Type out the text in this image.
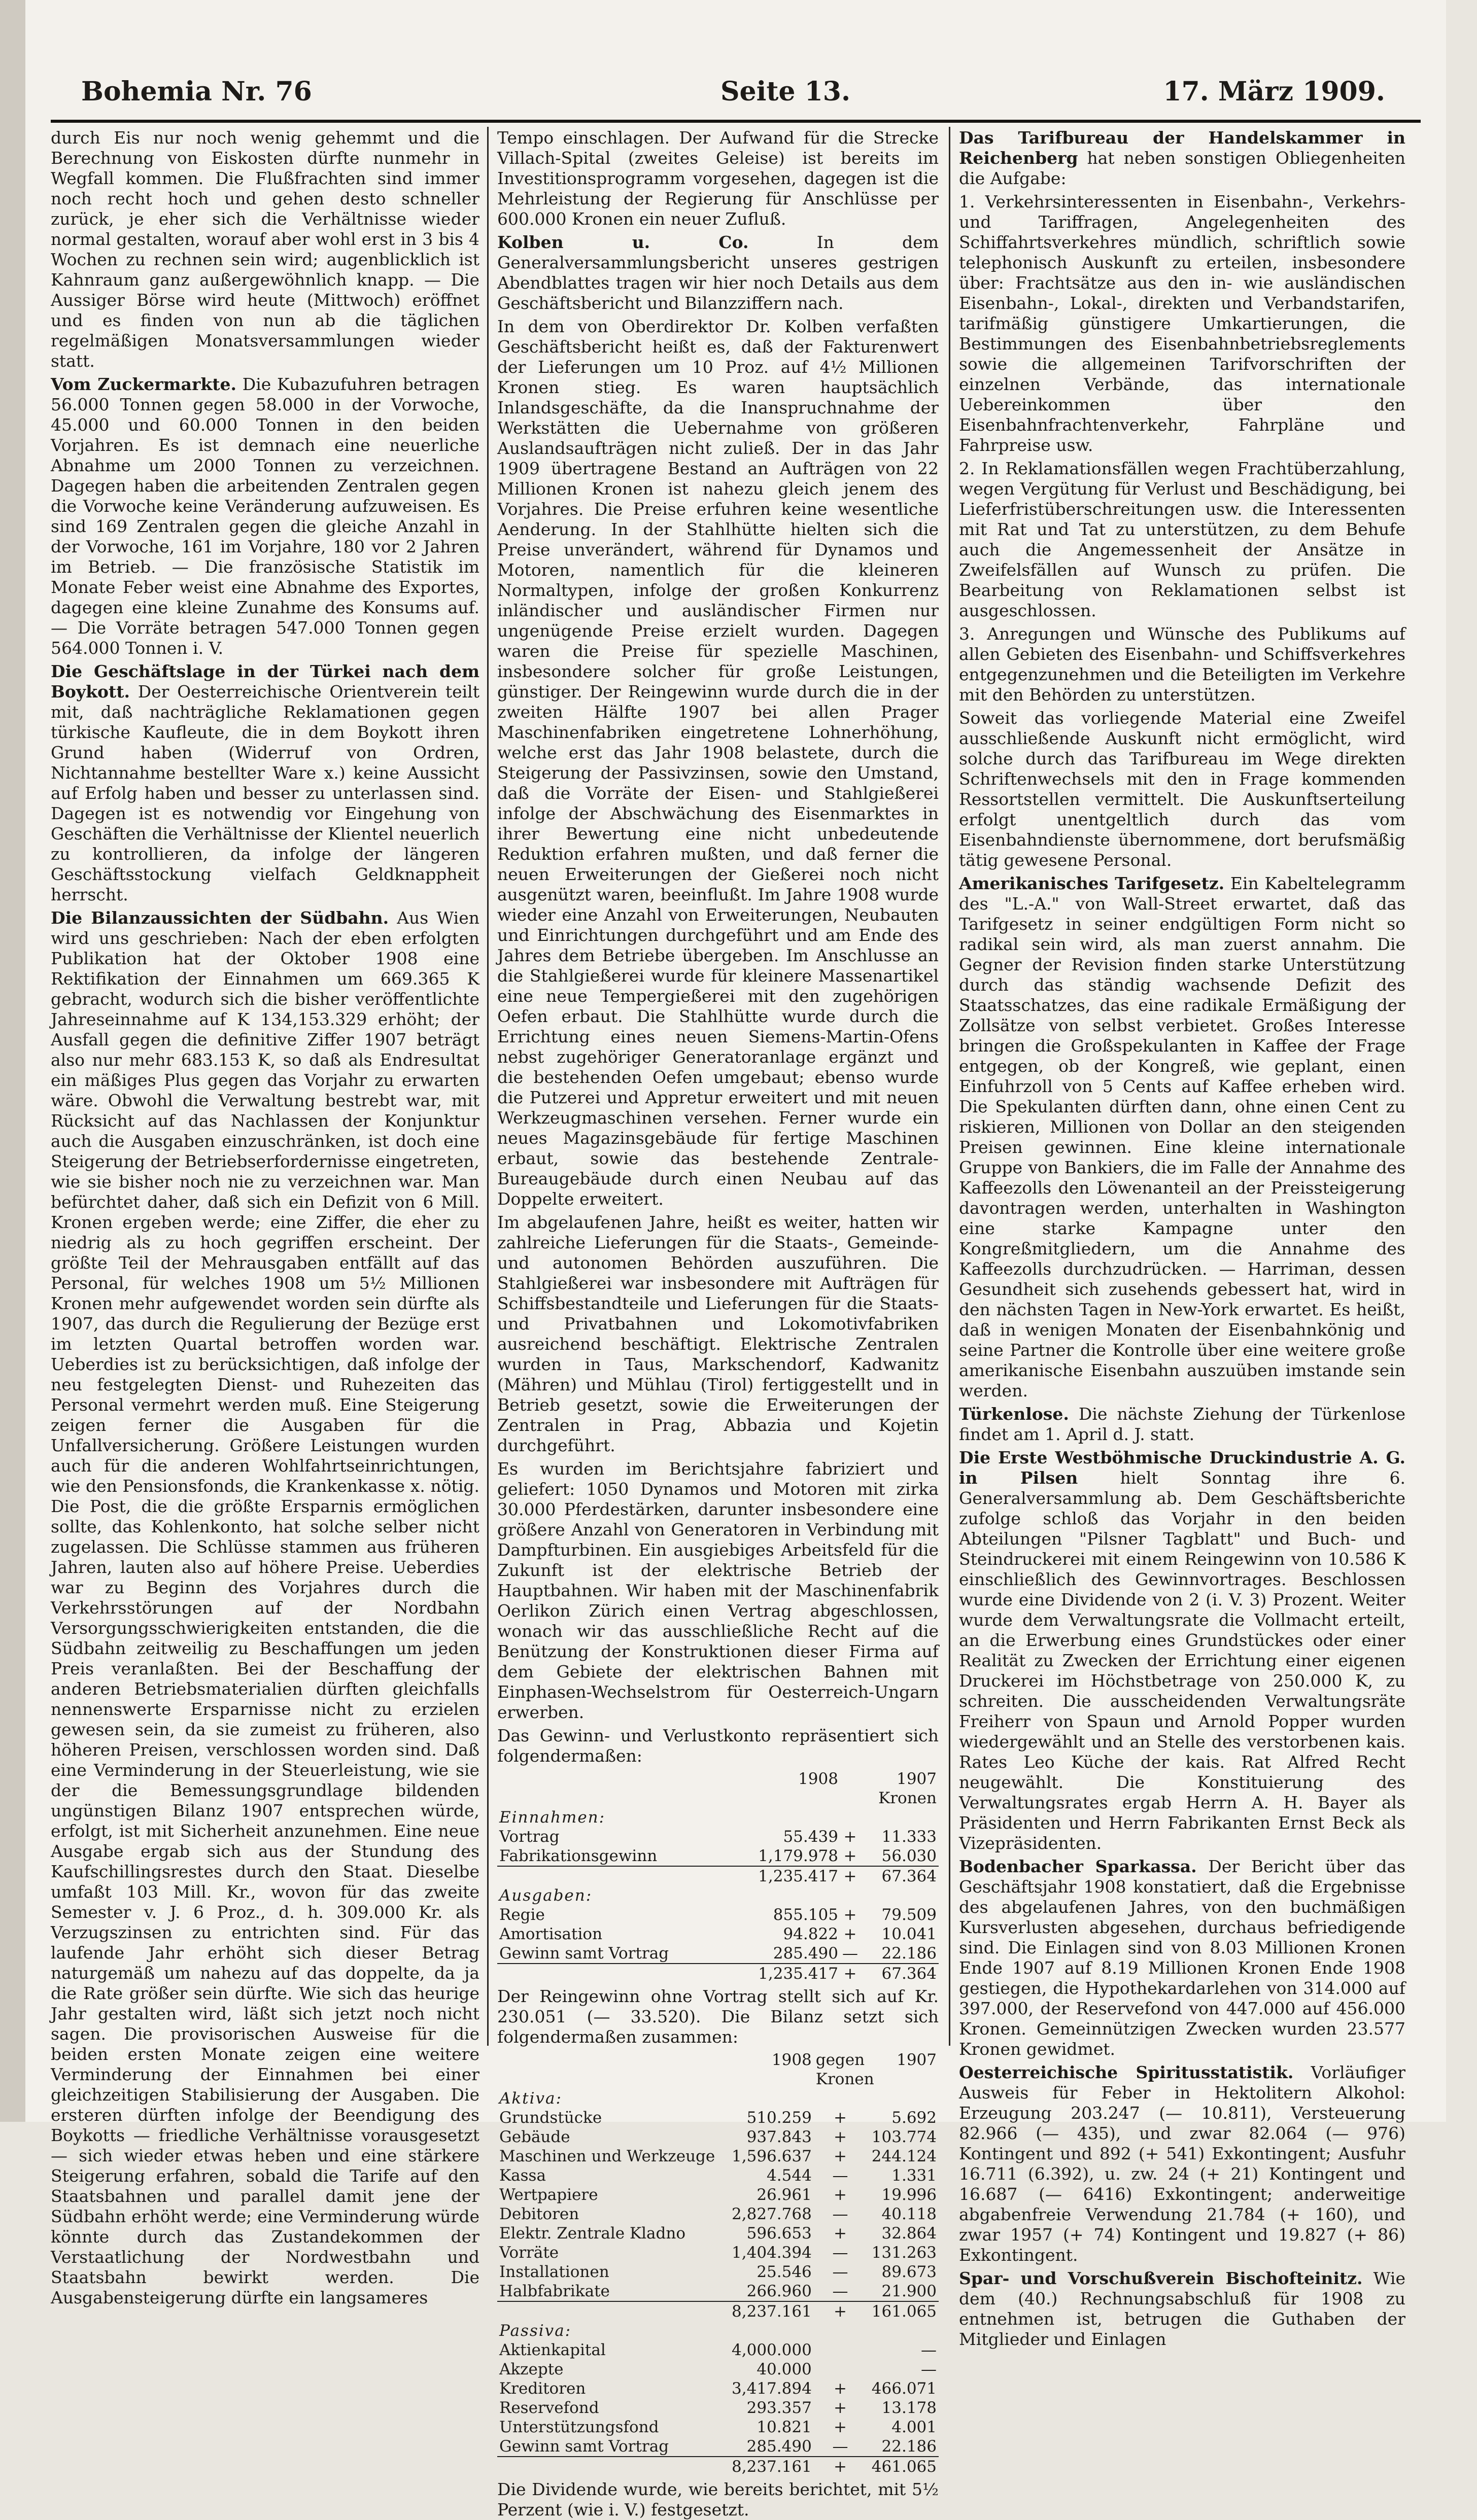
Bohemia Nr. 76	Seite 13.	17. März 1909.

durch Eis nur noch wenig gehemmt und die Berechnung von Eiskosten dürfte nunmehr in Wegfall kommen. Die Flußfrachten sind immer noch recht hoch und gehen desto schneller zurück, je eher sich die Verhältnisse wieder normal gestalten, worauf aber wohl erst in 3 bis 4 Wochen zu rechnen sein wird; augenblicklich ist Kahnraum ganz außergewöhnlich knapp. — Die Aussiger Börse wird heute (Mittwoch) eröffnet und es finden von nun ab die täglichen regelmäßigen Monatsversammlungen wieder statt.

Vom Zuckermarkte. Die Kubazufuhren betragen 56.000 Tonnen gegen 58.000 in der Vorwoche, 45.000 und 60.000 Tonnen in den beiden Vorjahren. Es ist demnach eine neuerliche Abnahme um 2000 Tonnen zu verzeichnen. Dagegen haben die arbeitenden Zentralen gegen die Vorwoche keine Veränderung aufzuweisen. Es sind 169 Zentralen gegen die gleiche Anzahl in der Vorwoche, 161 im Vorjahre, 180 vor 2 Jahren im Betrieb. — Die französische Statistik im Monate Feber weist eine Abnahme des Exportes, dagegen eine kleine Zunahme des Konsums auf. — Die Vorräte betragen 547.000 Tonnen gegen 564.000 Tonnen i. V.

Die Geschäftslage in der Türkei nach dem Boykott. Der Oesterreichische Orientverein teilt mit, daß nachträgliche Reklamationen gegen türkische Kaufleute, die in dem Boykott ihren Grund haben (Widerruf von Ordren, Nichtannahme bestellter Ware x.) keine Aussicht auf Erfolg haben und besser zu unterlassen sind. Dagegen ist es notwendig vor Eingehung von Geschäften die Verhältnisse der Klientel neuerlich zu kontrollieren, da infolge der längeren Geschäftsstockung vielfach Geldknappheit herrscht.

Die Bilanzaussichten der Südbahn. Aus Wien wird uns geschrieben: Nach der eben erfolgten Publikation hat der Oktober 1908 eine Rektifikation der Einnahmen um 669.365 K gebracht, wodurch sich die bisher veröffentlichte Jahreseinnahme auf K 134,153.329 erhöht; der Ausfall gegen die definitive Ziffer 1907 beträgt also nur mehr 683.153 K, so daß als Endresultat ein mäßiges Plus gegen das Vorjahr zu erwarten wäre. Obwohl die Verwaltung bestrebt war, mit Rücksicht auf das Nachlassen der Konjunktur auch die Ausgaben einzuschränken, ist doch eine Steigerung der Betriebserfordernisse eingetreten, wie sie bisher noch nie zu verzeichnen war. Man befürchtet daher, daß sich ein Defizit von 6 Mill. Kronen ergeben werde; eine Ziffer, die eher zu niedrig als zu hoch gegriffen erscheint. Der größte Teil der Mehrausgaben entfällt auf das Personal, für welches 1908 um 5½ Millionen Kronen mehr aufgewendet worden sein dürfte als 1907, das durch die Regulierung der Bezüge erst im letzten Quartal betroffen worden war. Ueberdies ist zu berücksichtigen, daß infolge der neu festgelegten Dienst- und Ruhezeiten das Personal vermehrt werden muß. Eine Steigerung zeigen ferner die Ausgaben für die Unfallversicherung. Größere Leistungen wurden auch für die anderen Wohlfahrtseinrichtungen, wie den Pensionsfonds, die Krankenkasse x. nötig. Die Post, die die größte Ersparnis ermöglichen sollte, das Kohlenkonto, hat solche selber nicht zugelassen. Die Schlüsse stammen aus früheren Jahren, lauten also auf höhere Preise. Ueberdies war zu Beginn des Vorjahres durch die Verkehrsstörungen auf der Nordbahn Versorgungsschwierigkeiten entstanden, die die Südbahn zeitweilig zu Beschaffungen um jeden Preis veranlaßten. Bei der Beschaffung der anderen Betriebsmaterialien dürften gleichfalls nennenswerte Ersparnisse nicht zu erzielen gewesen sein, da sie zumeist zu früheren, also höheren Preisen, verschlossen worden sind. Daß eine Verminderung in der Steuerleistung, wie sie der die Bemessungsgrundlage bildenden ungünstigen Bilanz 1907 entsprechen würde, erfolgt, ist mit Sicherheit anzunehmen. Eine neue Ausgabe ergab sich aus der Stundung des Kaufschillingsrestes durch den Staat. Dieselbe umfaßt 103 Mill. Kr., wovon für das zweite Semester v. J. 6 Proz., d. h. 309.000 Kr. als Verzugszinsen zu entrichten sind. Für das laufende Jahr erhöht sich dieser Betrag naturgemäß um nahezu auf das doppelte, da ja die Rate größer sein dürfte. Wie sich das heurige Jahr gestalten wird, läßt sich jetzt noch nicht sagen. Die provisorischen Ausweise für die beiden ersten Monate zeigen eine weitere Verminderung der Einnahmen bei einer gleichzeitigen Stabilisierung der Ausgaben. Die ersteren dürften infolge der Beendigung des Boykotts — friedliche Verhältnisse vorausgesetzt — sich wieder etwas heben und eine stärkere Steigerung erfahren, sobald die Tarife auf den Staatsbahnen und parallel damit jene der Südbahn erhöht werde; eine Verminderung würde könnte durch das Zustandekommen der Verstaatlichung der Nordwestbahn und Staatsbahn bewirkt werden. Die Ausgabensteigerung dürfte ein langsameres

Tempo einschlagen. Der Aufwand für die Strecke Villach-Spital (zweites Geleise) ist bereits im Investitionsprogramm vorgesehen, dagegen ist die Mehrleistung der Regierung für Anschlüsse per 600.000 Kronen ein neuer Zufluß.

Kolben u. Co.	In dem Generalversammlungsbericht unseres gestrigen Abendblattes tragen wir hier noch Details aus dem Geschäftsbericht und Bilanzziffern nach.

In dem von Oberdirektor Dr. Kolben verfaßten Geschäftsbericht heißt es, daß der Fakturenwert der Lieferungen um 10 Proz. auf 4½ Millionen Kronen stieg. Es waren hauptsächlich Inlandsgeschäfte, da die Inanspruchnahme der Werkstätten die Uebernahme von größeren Auslandsaufträgen nicht zuließ. Der in das Jahr 1909 übertragene Bestand an Aufträgen von 22 Millionen Kronen ist nahezu gleich jenem des Vorjahres. Die Preise erfuhren keine wesentliche Aenderung. In der Stahlhütte hielten sich die Preise unverändert, während für Dynamos und Motoren, namentlich für die kleineren Normaltypen, infolge der großen Konkurrenz inländischer und ausländischer Firmen nur ungenügende Preise erzielt wurden. Dagegen waren die Preise für spezielle Maschinen, insbesondere solcher für große Leistungen, günstiger. Der Reingewinn wurde durch die in der zweiten Hälfte 1907 bei allen Prager Maschinenfabriken eingetretene Lohnerhöhung, welche erst das Jahr 1908 belastete, durch die Steigerung der Passivzinsen, sowie den Umstand, daß die Vorräte der Eisen- und Stahlgießerei infolge der Abschwächung des Eisenmarktes in ihrer Bewertung eine nicht unbedeutende Reduktion erfahren mußten, und daß ferner die neuen Erweiterungen der Gießerei noch nicht ausgenützt waren, beeinflußt. Im Jahre 1908 wurde wieder eine Anzahl von Erweiterungen, Neubauten und Einrichtungen durchgeführt und am Ende des Jahres dem Betriebe übergeben. Im Anschlusse an die Stahlgießerei wurde für kleinere Massenartikel eine neue Tempergießerei mit den zugehörigen Oefen erbaut. Die Stahlhütte wurde durch die Errichtung eines neuen Siemens-Martin-Ofens nebst zugehöriger Generatoranlage ergänzt und die bestehenden Oefen umgebaut; ebenso wurde die Putzerei und Appretur erweitert und mit neuen Werkzeugmaschinen versehen. Ferner wurde ein neues Magazinsgebäude für fertige Maschinen erbaut, sowie das bestehende Zentrale-Bureaugebäude durch einen Neubau auf das Doppelte erweitert.

Im abgelaufenen Jahre, heißt es weiter, hatten wir zahlreiche Lieferungen für die Staats-, Gemeinde- und autonomen Behörden auszuführen. Die Stahlgießerei war insbesondere mit Aufträgen für Schiffsbestandteile und Lieferungen für die Staats- und Privatbahnen und Lokomotivfabriken ausreichend beschäftigt. Elektrische Zentralen wurden in Taus, Markschendorf, Kadwanitz (Mähren) und Mühlau (Tirol) fertiggestellt und in Betrieb gesetzt, sowie die Erweiterungen der Zentralen in Prag, Abbazia und Kojetin durchgeführt.

Es wurden im Berichtsjahre fabriziert und geliefert: 1050 Dynamos und Motoren mit zirka 30.000 Pferdestärken, darunter insbesondere eine größere Anzahl von Generatoren in Verbindung mit Dampfturbinen. Ein ausgiebiges Arbeitsfeld für die Zukunft ist der elektrische Betrieb der Hauptbahnen. Wir haben mit der Maschinenfabrik Oerlikon Zürich einen Vertrag abgeschlossen, wonach wir das ausschließliche Recht auf die Benützung der Konstruktionen dieser Firma auf dem Gebiete der elektrischen Bahnen mit Einphasen-Wechselstrom für Oesterreich-Ungarn erwerben.

Das Gewinn- und Verlustkonto repräsentiert sich folgendermaßen:

	1908		1907
		Kronen	
Einnahmen:			
Vortrag	55.439	+	11.333
Fabrikationsgewinn	1,179.978	+	56.030
	1,235.417	+	67.364
Ausgaben:			
Regie	855.105	+	79.509
Amortisation	94.822	+	10.041
Gewinn samt Vortrag	285.490	—	22.186
	1,235.417	+	67.364

Der Reingewinn ohne Vortrag stellt sich auf Kr. 230.051 (— 33.520). Die Bilanz setzt sich folgendermaßen zusammen:

	1908	gegen	1907
		Kronen	
Aktiva:			
Grundstücke	510.259	+	5.692
Gebäude	937.843	+	103.774
Maschinen und Werkzeuge	1,596.637	+	244.124
Kassa	4.544	—	1.331
Wertpapiere	26.961	+	19.996
Debitoren	2,827.768	—	40.118
Elektr. Zentrale Kladno	596.653	+	32.864
Vorräte	1,404.394	—	131.263
Installationen	25.546	—	89.673
Halbfabrikate	266.960	—	21.900
	8,237.161	+	161.065
Passiva:			
Aktienkapital	4,000.000		—
Akzepte	40.000		—
Kreditoren	3,417.894	+	466.071
Reservefond	293.357	+	13.178
Unterstützungsfond	10.821	+	4.001
Gewinn samt Vortrag	285.490	—	22.186
	8,237.161	+	461.065

Die Dividende wurde, wie bereits berichtet, mit 5½ Perzent (wie i. V.) festgesetzt.

Das Tarifbureau der Handelskammer in Reichenberg hat neben sonstigen Obliegenheiten die Aufgabe:

1. Verkehrsinteressenten in Eisenbahn-, Verkehrs- und Tariffragen, Angelegenheiten des Schiffahrtsverkehres mündlich, schriftlich sowie telephonisch Auskunft zu erteilen, insbesondere über: Frachtsätze aus den in- wie ausländischen Eisenbahn-, Lokal-, direkten und Verbandstarifen, tarifmäßig günstigere Umkartierungen, die Bestimmungen des Eisenbahnbetriebsreglements sowie die allgemeinen Tarifvorschriften der einzelnen Verbände, das internationale Uebereinkommen über den Eisenbahnfrachtenverkehr, Fahrpläne und Fahrpreise usw.

2. In Reklamationsfällen wegen Frachtüberzahlung, wegen Vergütung für Verlust und Beschädigung, bei Lieferfristüberschreitungen usw. die Interessenten mit Rat und Tat zu unterstützen, zu dem Behufe auch die Angemessenheit der Ansätze in Zweifelsfällen auf Wunsch zu prüfen. Die Bearbeitung von Reklamationen selbst ist ausgeschlossen.

3. Anregungen und Wünsche des Publikums auf allen Gebieten des Eisenbahn- und Schiffsverkehres entgegenzunehmen und die Beteiligten im Verkehre mit den Behörden zu unterstützen.

Soweit das vorliegende Material eine Zweifel ausschließende Auskunft nicht ermöglicht, wird solche durch das Tarifbureau im Wege direkten Schriftenwechsels mit den in Frage kommenden Ressortstellen vermittelt. Die Auskunftserteilung erfolgt unentgeltlich durch das vom Eisenbahndienste übernommene, dort berufsmäßig tätig gewesene Personal.

Amerikanisches Tarifgesetz. Ein Kabeltelegramm des "L.-A." von Wall-Street erwartet, daß das Tarifgesetz in seiner endgültigen Form nicht so radikal sein wird, als man zuerst annahm. Die Gegner der Revision finden starke Unterstützung durch das ständig wachsende Defizit des Staatsschatzes, das eine radikale Ermäßigung der Zollsätze von selbst verbietet. Großes Interesse bringen die Großspekulanten in Kaffee der Frage entgegen, ob der Kongreß, wie geplant, einen Einfuhrzoll von 5 Cents auf Kaffee erheben wird. Die Spekulanten dürften dann, ohne einen Cent zu riskieren, Millionen von Dollar an den steigenden Preisen gewinnen. Eine kleine internationale Gruppe von Bankiers, die im Falle der Annahme des Kaffeezolls den Löwenanteil an der Preissteigerung davontragen werden, unterhalten in Washington eine starke Kampagne unter den Kongreßmitgliedern, um die Annahme des Kaffeezolls durchzudrücken. — Harriman, dessen Gesundheit sich zusehends gebessert hat, wird in den nächsten Tagen in New-York erwartet. Es heißt, daß in wenigen Monaten der Eisenbahnkönig und seine Partner die Kontrolle über eine weitere große amerikanische Eisenbahn auszuüben imstande sein werden.

Türkenlose. Die nächste Ziehung der Türkenlose findet am 1. April d. J. statt.

Die Erste Westböhmische Druckindustrie A. G. in Pilsen	hielt Sonntag ihre 6. Generalversammlung ab. Dem Geschäftsberichte zufolge schloß das Vorjahr in den beiden Abteilungen "Pilsner Tagblatt" und Buch- und Steindruckerei mit einem Reingewinn von 10.586 K einschließlich des Gewinnvortrages. Beschlossen wurde eine Dividende von 2 (i. V. 3) Prozent. Weiter wurde dem Verwaltungsrate die Vollmacht erteilt, an die Erwerbung eines Grundstückes oder einer Realität zu Zwecken der Errichtung einer eigenen Druckerei im Höchstbetrage von 250.000 K, zu schreiten. Die ausscheidenden Verwaltungsräte Freiherr von Spaun und Arnold Popper wurden wiedergewählt und an Stelle des verstorbenen kais. Rates Leo Küche der kais. Rat Alfred Recht neugewählt. Die Konstituierung des Verwaltungsrates ergab Herrn A. H. Bayer als Präsidenten und Herrn Fabrikanten Ernst Beck als Vizepräsidenten.

Bodenbacher Sparkassa. Der Bericht über das Geschäftsjahr 1908 konstatiert, daß die Ergebnisse des abgelaufenen Jahres, von den buchmäßigen Kursverlusten abgesehen, durchaus befriedigende sind. Die Einlagen sind von 8.03 Millionen Kronen Ende 1907 auf 8.19 Millionen Kronen Ende 1908 gestiegen, die Hypothekardarlehen von 314.000 auf 397.000, der Reservefond von 447.000 auf 456.000 Kronen. Gemeinnützigen Zwecken wurden 23.577 Kronen gewidmet.

Oesterreichische Spiritusstatistik. Vorläufiger Ausweis für Feber in Hektolitern Alkohol: Erzeugung 203.247 (— 10.811), Versteuerung 82.966 (— 435), und zwar 82.064 (— 976) Kontingent und 892 (+ 541) Exkontingent; Ausfuhr 16.711 (6.392), u. zw. 24 (+ 21) Kontingent und 16.687 (— 6416) Exkontingent; anderweitige abgabenfreie Verwendung 21.784 (+ 160), und zwar 1957 (+ 74) Kontingent und 19.827 (+ 86) Exkontingent.

Spar- und Vorschußverein Bischofteinitz. Wie dem (40.) Rechnungsabschluß für 1908 zu entnehmen ist, betrugen die Guthaben der Mitglieder und Einlagen
